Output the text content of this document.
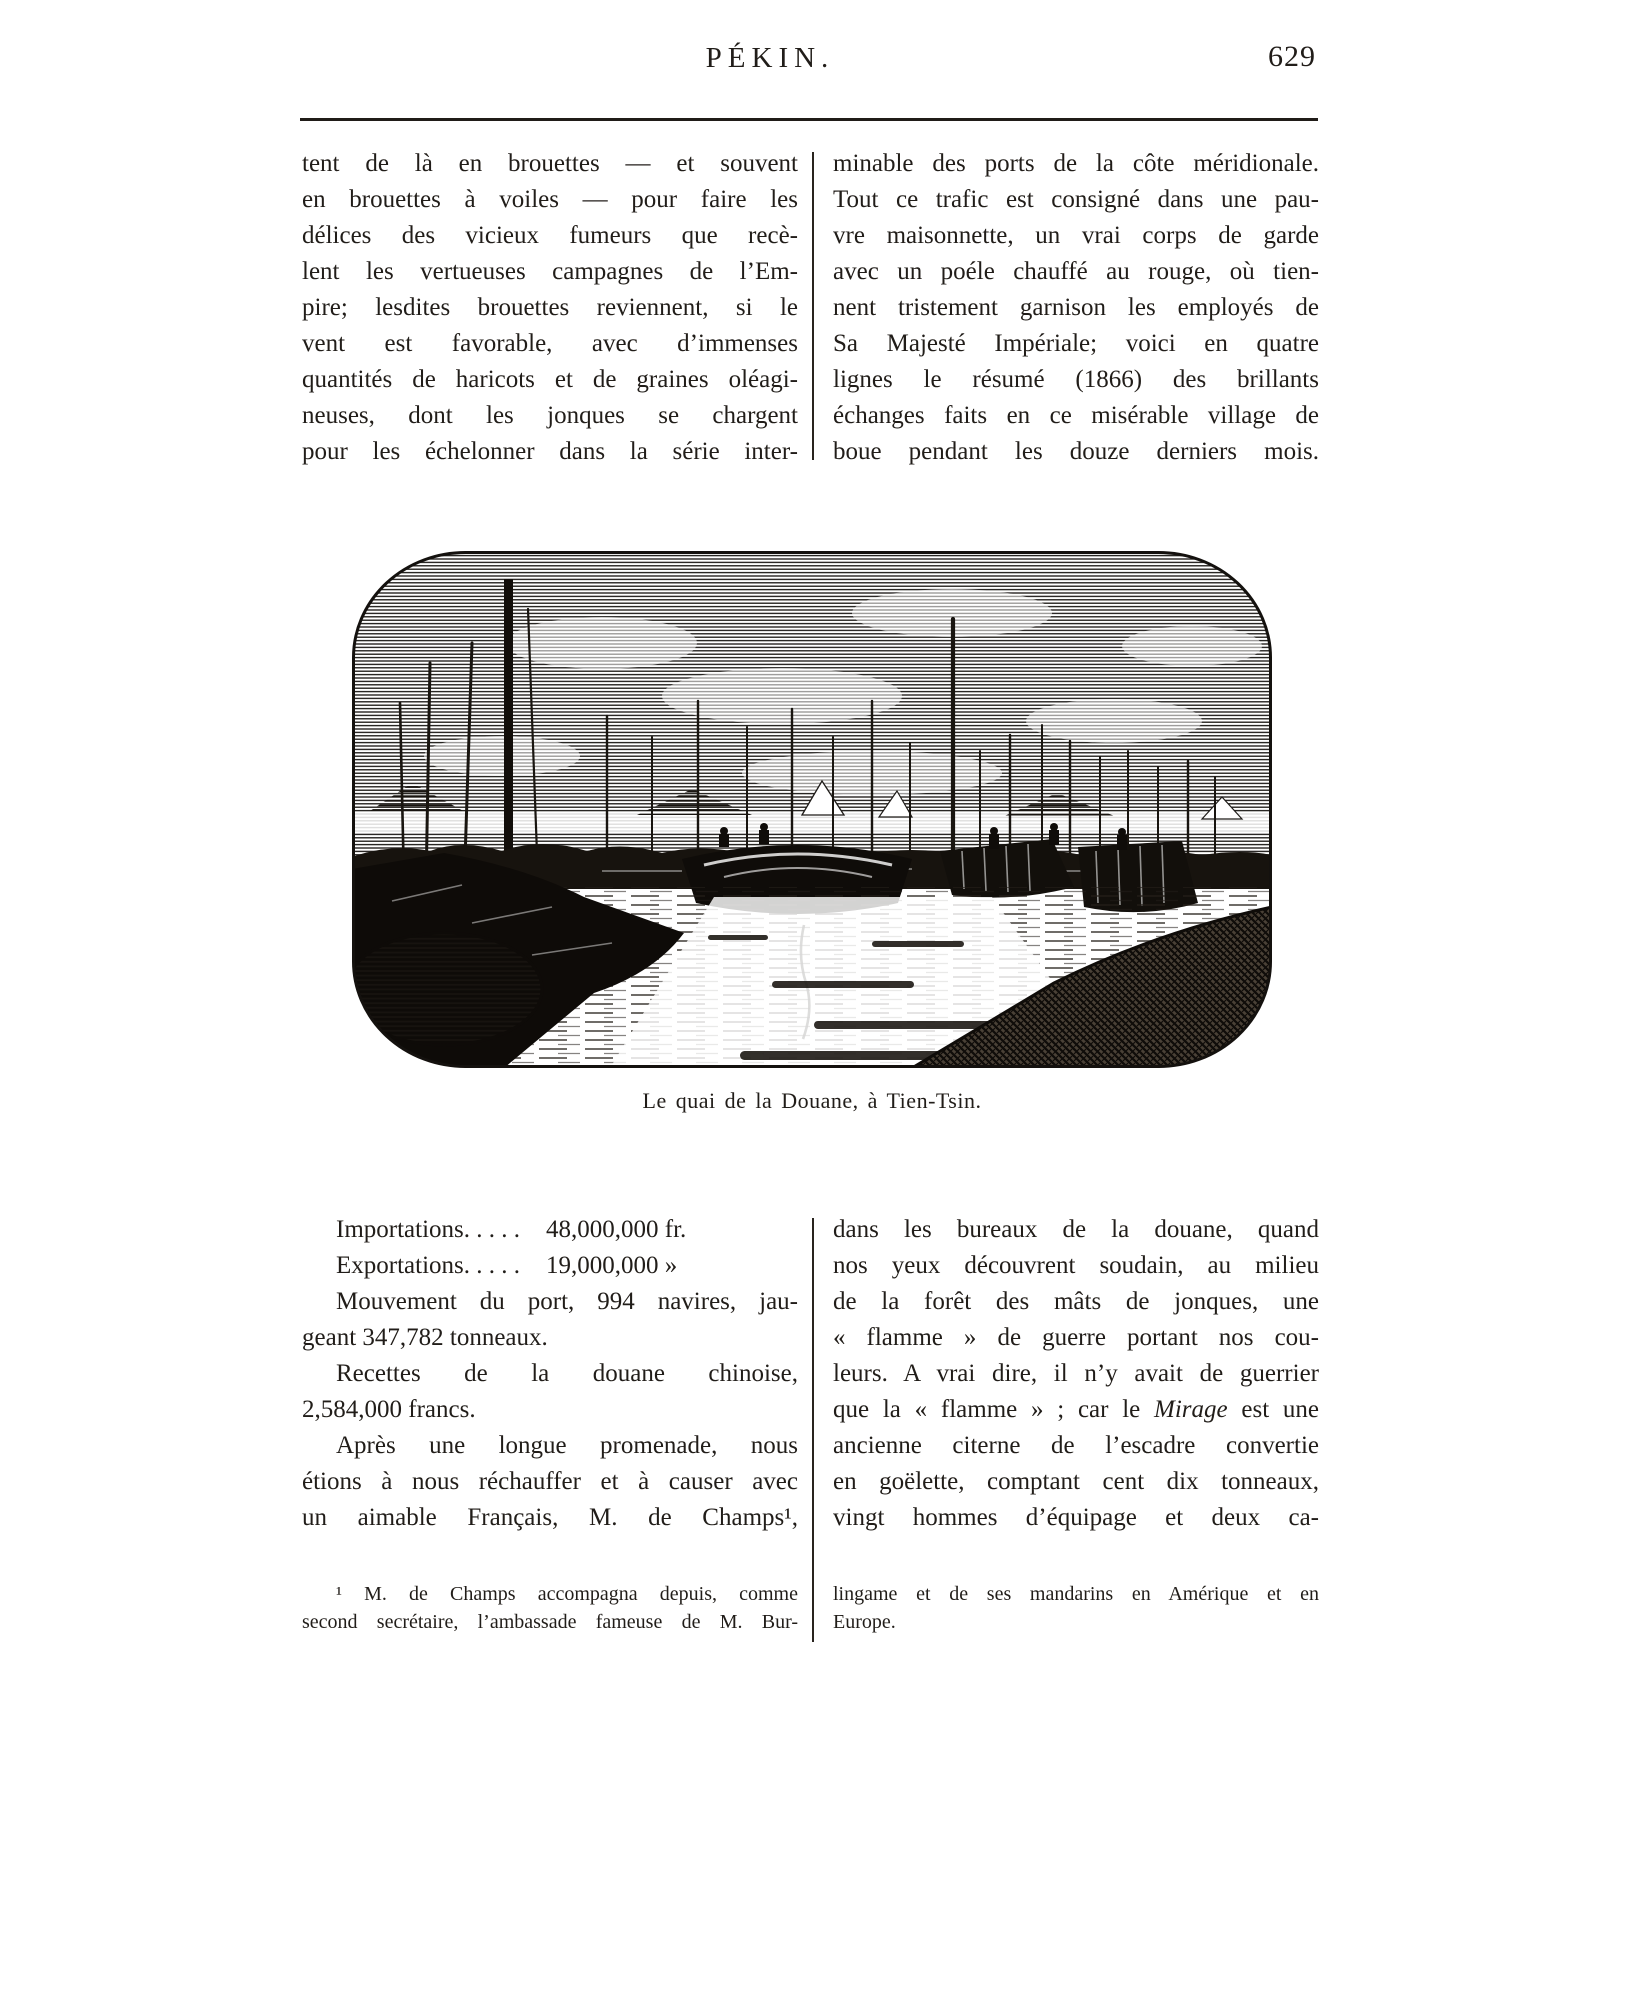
PÉKIN.	629
tent de là en brouettes — et souvent
en brouettes à voiles — pour faire les
délices des vicieux fumeurs que recè-
lent les vertueuses campagnes de l’Em-
pire; lesdites brouettes reviennent, si le
vent est favorable, avec d’immenses
quantités de haricots et de graines oléagi-
neuses, dont les jonques se chargent
pour les échelonner dans la série inter-
minable des ports de la côte méridionale.
Tout ce trafic est consigné dans une pau-
vre maisonnette, un vrai corps de garde
avec un poéle chauffé au rouge, où tien-
nent tristement garnison les employés de
Sa Majesté Impériale; voici en quatre
lignes le résumé (1866) des brillants
échanges faits en ce misérable village de
boue pendant les douze derniers mois.
Le quai de la Douane, à Tien-Tsin.
Importations. . . . . 48,000,000 fr.
Exportations. . . . . 19,000,000 »
Mouvement du port, 994 navires, jau-
geant 347,782 tonneaux.
Recettes de la douane chinoise,
2,584,000 francs.
Après une longue promenade, nous
étions à nous réchauffer et à causer avec
un aimable Français, M. de Champs¹,
dans les bureaux de la douane, quand
nos yeux découvrent soudain, au milieu
de la forêt des mâts de jonques, une
« flamme » de guerre portant nos cou-
leurs. A vrai dire, il n’y avait de guerrier
que la « flamme » ; car le Mirage est une
ancienne citerne de l’escadre convertie
en goëlette, comptant cent dix tonneaux,
vingt hommes d’équipage et deux ca-
¹ M. de Champs accompagna depuis, comme
second secrétaire, l’ambassade fameuse de M. Bur-
lingame et de ses mandarins en Amérique et en
Europe.
